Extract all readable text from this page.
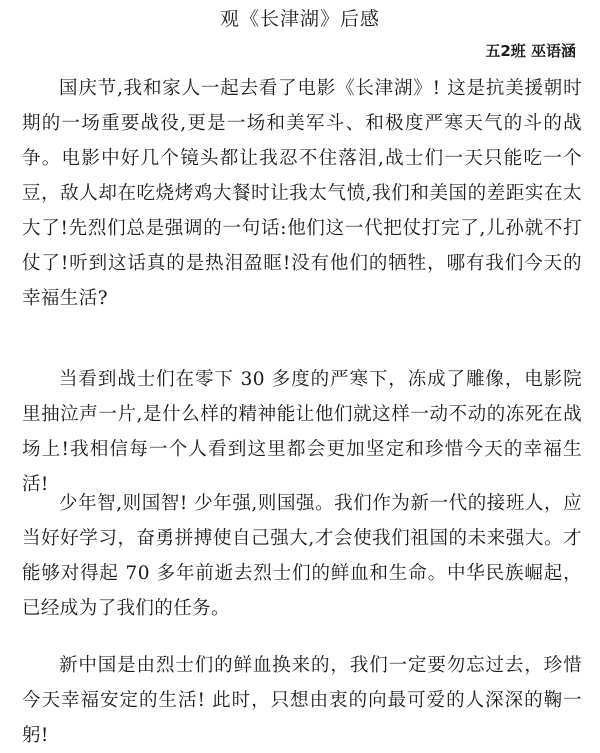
观《长津湖》后感
五2班 巫语涵

国庆节,我和家人一起去看了电影《长津湖》! 这是抗美援朝时期的一场重要战役,更是一场和美军斗、和极度严寒天气的斗的战争。电影中好几个镜头都让我忍不住落泪,战士们一天只能吃一个豆，敌人却在吃烧烤鸡大餐时让我太气愤,我们和美国的差距实在太大了!先烈们总是强调的一句话:他们这一代把仗打完了,儿孙就不打仗了!听到这话真的是热泪盈眶!没有他们的牺牲，哪有我们今天的幸福生活?

当看到战士们在零下 30 多度的严寒下，冻成了雕像，电影院里抽泣声一片,是什么样的精神能让他们就这样一动不动的冻死在战场上!我相信每一个人看到这里都会更加坚定和珍惜今天的幸福生活!

少年智,则国智! 少年强,则国强。我们作为新一代的接班人，应当好好学习，奋勇拼搏使自己强大,才会使我们祖国的未来强大。才能够对得起 70 多年前逝去烈士们的鲜血和生命。中华民族崛起，已经成为了我们的任务。

新中国是由烈士们的鲜血换来的，我们一定要勿忘过去，珍惜今天幸福安定的生活! 此时，只想由衷的向最可爱的人深深的鞠一躬!
